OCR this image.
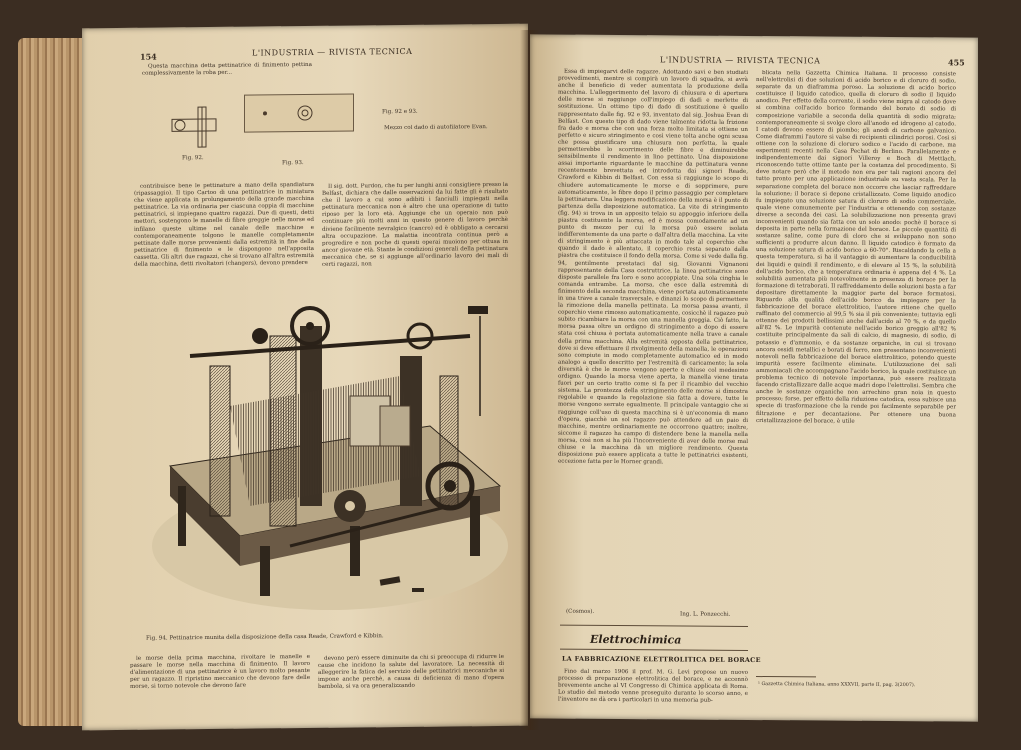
154	L'INDUSTRIA — RIVISTA TECNICA

Questa macchina detta pettinatrice di finimento pettina complessivamente la roba per...

Fig. 92.
Fig. 93.
Fig. 92 e 93.

Mezzo col dado di autofilatore Evan.

contribuisce bene le pettinature a mano della spandiatura (ripassaggio). Il tipo Cartoo di una pettinatrice in miniatura che viene applicata in prolungamento della grande macchina pettinatrice. La via ordinaria per ciascuna coppia di macchine pettinatrici, si impiegano quattro ragazzi. Due di questi, detti mettori, sostengono le manelle di fibre greggie nelle morse ed infilano queste ultime nel canale delle macchine e contemporaneamente tolgono le manelle completamente pettinate dalle morse provenienti dalla estremità in fine della pettinatrice di finimento e le dispongono nell'apposita cassetta. Gli altri due ragazzi, che si trovano all'altra estremità della macchina, detti rivoltatori (changers), devono prendere

Il sig. dott. Purdon, che fu per lunghi anni consigliere presso la Belfast, dichiara che dalle osservazioni da lui fatte gli è risultato che il lavoro a cui sono adibiti i fanciulli impiegati nella pettinatura meccanica non è altro che una operazione di tutto riposo per la loro età. Aggiunge che un operaio non può continuare più molti anni in questo genere di lavoro perchè diviene facilmente nevralgico (cancro) ed è obbligato a cercarsi altra occupazione. La malattia incontrata continua però a progredire e non poche di questi operai muoiono per ottusa in ancor giovane età. Stante le condizioni generali della pettinatura meccanica che, se si aggiunge all'ordinario lavoro dei mali di certi ragazzi, non

Fig. 94. Pettinatrice munita della disposizione della casa Reade, Crawford e Kibbin.

le morse della prima macchina, rivoltare le manelle e passare le morse nella macchina di finimento. Il lavoro d'alimentazione di una pettinatrice è un lavoro molto pesante per un ragazzo. Il ripristino meccanico che devono fare delle morse, si torno notevole che devono fare

devono però essere diminuite da chi si preoccupa di ridurre le cause che incidono la salute del lavoratore. La necessità di alleggerire la fatica del servizio delle pettinatrici meccaniche si impone anche perchè, a causa di deficienza di mano d'opera bambola, si va ora generalizzando

L'INDUSTRIA — RIVISTA TECNICA	455

Essa di impiegarvi delle ragazze. Adottando savi e ben studiati provvedimenti, mentre si compirà un lavoro di squadra, si avrà anche il beneficio di veder aumentata la produzione della macchina. L'alleggerimento del lavoro di chiusura e di apertura delle morse si raggiunge coll'impiego di dadi e merlette di sostituzione. Un ottimo tipo di dado di sostituzione è quello rappresentato dalle fig. 92 e 93, inventato dal sig. Joshua Evan di Belfast. Con questo tipo di dado viene talmente ridotta la frizione fra dado e morsa che con una forza molto limitata si ottiene un perfetto e sicuro stringimento e così viene tolta anche ogni scusa che possa giustificare una chiusura non perfetta, la quale permetterebbe lo scorrimento delle fibre e diminuirebbe sensibilmente il rendimento in lino pettinato. Una disposizione assai importante riguardante le macchine da pettinatura venne recentemente brevettata ed introdotta dai signori Reade, Crawford e Kibbin di Belfast. Con essa si raggiunge lo scopo di chiudere automaticamente le morse e di sopprimere, pure automaticamente, le fibre dopo il primo passaggio per completare la pettinatura. Una leggera modificazione della morsa è il punto di partenza della disposizione automatica. La vite di stringimento (fig. 94) si trova in un apposito telaio su appoggio inferiore della piastra costituente la morsa, ed è mossa comodamente ad un punto di mezzo per cui la morsa può essere isolata indifferentemente da una parte o dall'altra della macchina. La vite di stringimento è più attaccata in modo tale al coperchio che quando il dado è allentato, il coperchio resta separato dalla piastra che costituisce il fondo della morsa. Come si vede dalla fig. 94, gentilmente prestataci dal sig. Giovanni Vignanoni rappresentante della Casa costruttrice, la linea pettinatrice sono disposte parallele fra loro e sono accoppiate. Una sola cinghia le comanda entrambe. La morsa, che esce dalla estremità di finimento della seconda macchina, viene portata automaticamente in una trave a canale trasversale, e dinanzi lo scopo di permettere la rimozione della manella pettinata. La morsa passa avanti, il coperchio viene rimosso automaticamente, cosicchè il ragazzo può subito ricambiare la morsa con una manella greggia. Ciò fatto, la morsa passa oltre un ordigno di stringimento a dopo di essere stata così chiusa è portata automaticamente nella trave a canale della prima macchina. Alla estremità opposta della pettinatrice, dove si deve effettuare il rivolgimento della manella, le operazioni sono compiute in modo completamente automatico ed in modo analogo a quello descritto per l'estremità di caricamento; la sola diversità è che le morse vengono aperte e chiuse col medesimo ordigno. Quando la morsa viene aperta, la manella viene tirata fuori per un certo tratto come si fa per il ricambio del vecchio sistema. La prontezza della stringimento delle morse si dimostra regolabile e quando la regolazione sia fatta a dovere, tutte le morse vengono serrate egualmente. Il principale vantaggio che si raggiunge coll'uso di questa macchina si è un'economia di mano d'opera, giacchè un sol ragazzo può attendere ad un paio di macchine, mentre ordinariamente ne occorrono quattro; inoltre, siccome il ragazzo ha campo di distendere bene la manella nella morsa, così non si ha più l'inconveniente di aver delle morse mal chiuse e la macchina dà un migliore rendimento. Questa disposizione può essere applicata a tutte le pettinatrici esistenti, eccezione fatta per le Horner grandi.

(Cosmos).	Ing. L. Ponzecchi.
Elettrochimica
LA FABBRICAZIONE ELETTROLITICA DEL BORACE

Fino dal marzo 1906 il prof. M. G. Levi propose un nuovo processo di preparazione elettrolitica del borace, e ne accennò brevemente anche al VI Congresso di Chimica applicata di Roma. Lo studio del metodo venne proseguito durante lo scorso anno, e l'inventore ne dà ora i particolari in una memoria pub-

blicata nella Gazzetta Chimica Italiana. Il processo consiste nell'elettrolisi di due soluzioni di acido borico e di cloruro di sodio, separate da un diaframma poroso. La soluzione di acido borico costituisce il liquido catodico, quella di cloruro di sodio il liquido anodico. Per effetto della corrente, il sodio viene migra al catodo dove si combina coll'acido borico formando del borato di sodio di composizione variabile a seconda della quantità di sodio migrata; contemporaneamente si svolge cloro all'anodo ed idrogeno al catodo. I catodi devono essere di piombo; gli anodi di carbone galvanico. Come diaframmi l'autore si valse di recipienti cilindrici porosi. Così si ottiene con la soluzione di cloruro sodico e l'acido di carbone, ma esperimenti recenti nella Casa Pechat di Berlino. Parallelamente e indipendentemente dai signori Villeroy e Boch di Mettlach, riconoscendo tutte ottime tante per la costanza del procedimento. Si deve notare però che il metodo non era per tali ragioni ancora del tutto pronto per una applicazione industriale su vasta scala. Per la separazione completa del borace non occorre che lasciar raffreddare la soluzione; il borace si depone cristallizzato. Come liquido anodico fu impiegato una soluzione satura di cloruro di sodio commerciale, quale viene comunemente per l'industria e ottenendo con sostanze diverse a seconda dei casi. La solubilizzazione non presenta gravi inconvenienti quando sia fatta con un solo anodo: pochè il borace si deposita in parte nella formazione del borace. Le piccole quantità di sostanze saline, come pure di cloro che si sviluppano non sono sufficienti a produrre alcun danno. Il liquido catodico è formato da una soluzione satura di acido borico a 60-70°. Riscaldando la cella a questa temperatura, si ha il vantaggio di aumentare la conducibilità dei liquidi e quindi il rendimento, e di elevare al 15 %, la solubilità dell'acido borico, che a temperatura ordinaria è appena del 4 %. La solubilità aumentata più notevolmente in presenza di borace per la formazione di tetraborati. Il raffreddamento delle soluzioni basta a far depositare direttamente la maggior parte del borace formatosi. Riguardo alla qualità dell'acido borico da impiegare per la fabbricazione del borace elettrolitico, l'autore ritiene che quello raffinato del commercio al 99,5 % sia il più conveniente; tuttavia egli ottenne dei prodotti bellissimi anche dall'acido al 70 %, e da quello all'82 %. Le impurità contenute nell'acido borico greggio all'82 % costituite principalmente da sali di calcio, di magnesio, di sodio, di potassio e d'ammonio, e da sostanze organiche, in cui si trovano ancora ossidi metallici e borati di ferro, non presentano inconvenienti notevoli nella fabbricazione del borace elettrolitico, potendo queste impurità essere facilmente eliminate. L'utilizzazione dei sali ammoniacali che accompagnano l'acido borico, la quale costituisce un problema tecnico di notevole importanza, può essere realizzata facendo cristallizzare dalle acque madri dopo l'elettrolisi. Sembra che anche le sostanze organiche non arrechino gran noia in questo processo; forse, per effetto della riduzione catodica, essa subisce una specie di trasformazione che la rende poi facilmente separabile per filtrazione e per decantazione. Per ottenere una buona cristallizzazione del borace, è utile

¹ Gazzetta Chimica Italiana, anno XXXVII, parte II, pag. 3(2007).
